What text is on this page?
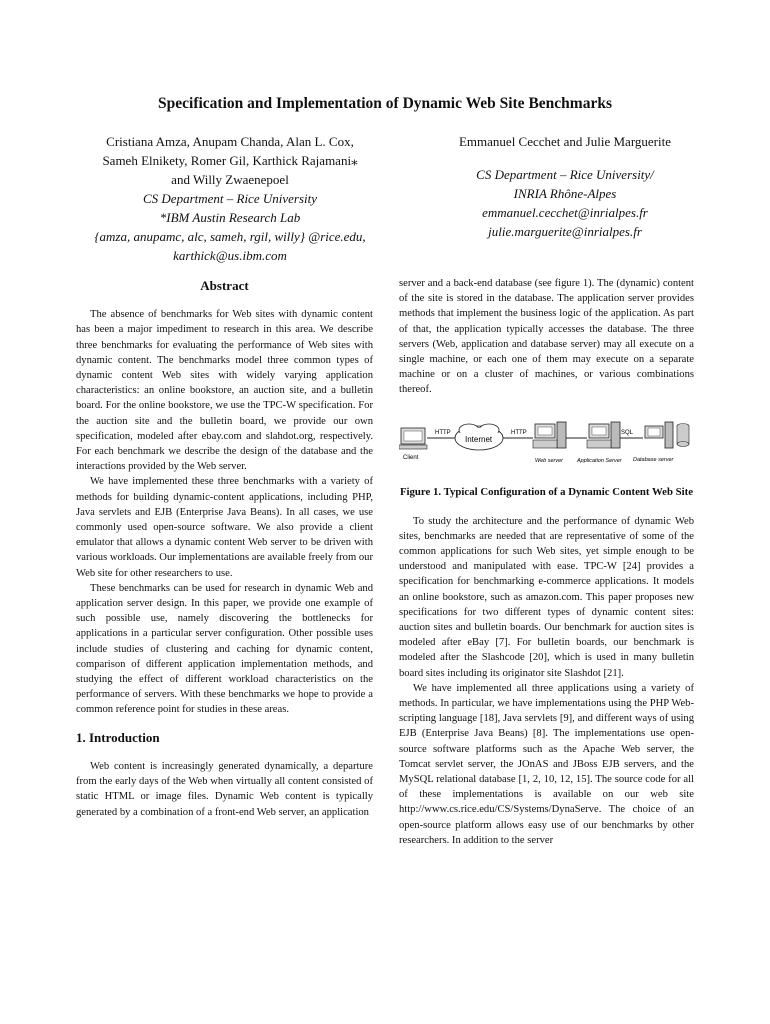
Specification and Implementation of Dynamic Web Site Benchmarks
Cristiana Amza, Anupam Chanda, Alan L. Cox,
Sameh Elnikety, Romer Gil, Karthick Rajamani⁎
and Willy Zwaenepoel
CS Department – Rice University
*IBM Austin Research Lab
{amza, anupamc, alc, sameh, rgil, willy} @rice.edu,
karthick@us.ibm.com
Emmanuel Cecchet and Julie Marguerite
CS Department – Rice University/
INRIA Rhône-Alpes
emmanuel.cecchet@inrialpes.fr
julie.marguerite@inrialpes.fr
Abstract

The absence of benchmarks for Web sites with dynamic content has been a major impediment to research in this area. We describe three benchmarks for evaluating the performance of Web sites with dynamic content. The benchmarks model three common types of dynamic content Web sites with widely varying application characteristics: an online bookstore, an auction site, and a bulletin board. For the online bookstore, we use the TPC-W specification. For the auction site and the bulletin board, we provide our own specification, modeled after ebay.com and slahdot.org, respectively. For each benchmark we describe the design of the database and the interactions provided by the Web server.

We have implemented these three benchmarks with a variety of methods for building dynamic-content applications, including PHP, Java servlets and EJB (Enterprise Java Beans). In all cases, we use commonly used open-source software. We also provide a client emulator that allows a dynamic content Web server to be driven with various workloads. Our implementations are available freely from our Web site for other researchers to use.

These benchmarks can be used for research in dynamic Web and application server design. In this paper, we provide one example of such possible use, namely discovering the bottlenecks for applications in a particular server configuration. Other possible uses include studies of clustering and caching for dynamic content, comparison of different application implementation methods, and studying the effect of different workload characteristics on the performance of servers. With these benchmarks we hope to provide a common reference point for studies in these areas.

1. Introduction

Web content is increasingly generated dynamically, a departure from the early days of the Web when virtually all content consisted of static HTML or image files. Dynamic Web content is typically generated by a combination of a front-end Web server, an application

server and a back-end database (see figure 1). The (dynamic) content of the site is stored in the database. The application server provides methods that implement the business logic of the application. As part of that, the application typically accesses the database. The three servers (Web, application and database server) may all execute on a single machine, or each one of them may execute on a separate machine or on a cluster of machines, or various combinations thereof.

HTTP
Internet
HTTP	SQL
Client	Web server	Application Server Database server
Figure 1. Typical Configuration of a Dynamic Content Web Site

To study the architecture and the performance of dynamic Web sites, benchmarks are needed that are representative of some of the common applications for such Web sites, yet simple enough to be understood and manipulated with ease. TPC-W [24] provides a specification for benchmarking e-commerce applications. It models an online bookstore, such as amazon.com. This paper proposes new specifications for two different types of dynamic content sites: auction sites and bulletin boards. Our benchmark for auction sites is modeled after eBay [7]. For bulletin boards, our benchmark is modeled after the Slashcode [20], which is used in many bulletin board sites including its originator site Slashdot [21].

We have implemented all three applications using a variety of methods. In particular, we have implementations using the PHP Web-scripting language [18], Java servlets [9], and different ways of using EJB (Enterprise Java Beans) [8]. The implementations use open-source software platforms such as the Apache Web server, the Tomcat servlet server, the JOnAS and JBoss EJB servers, and the MySQL relational database [1, 2, 10, 12, 15]. The source code for all of these implementations is available on our web site http://www.cs.rice.edu/CS/Systems/DynaServe. The choice of an open-source platform allows easy use of our benchmarks by other researchers. In addition to the server
